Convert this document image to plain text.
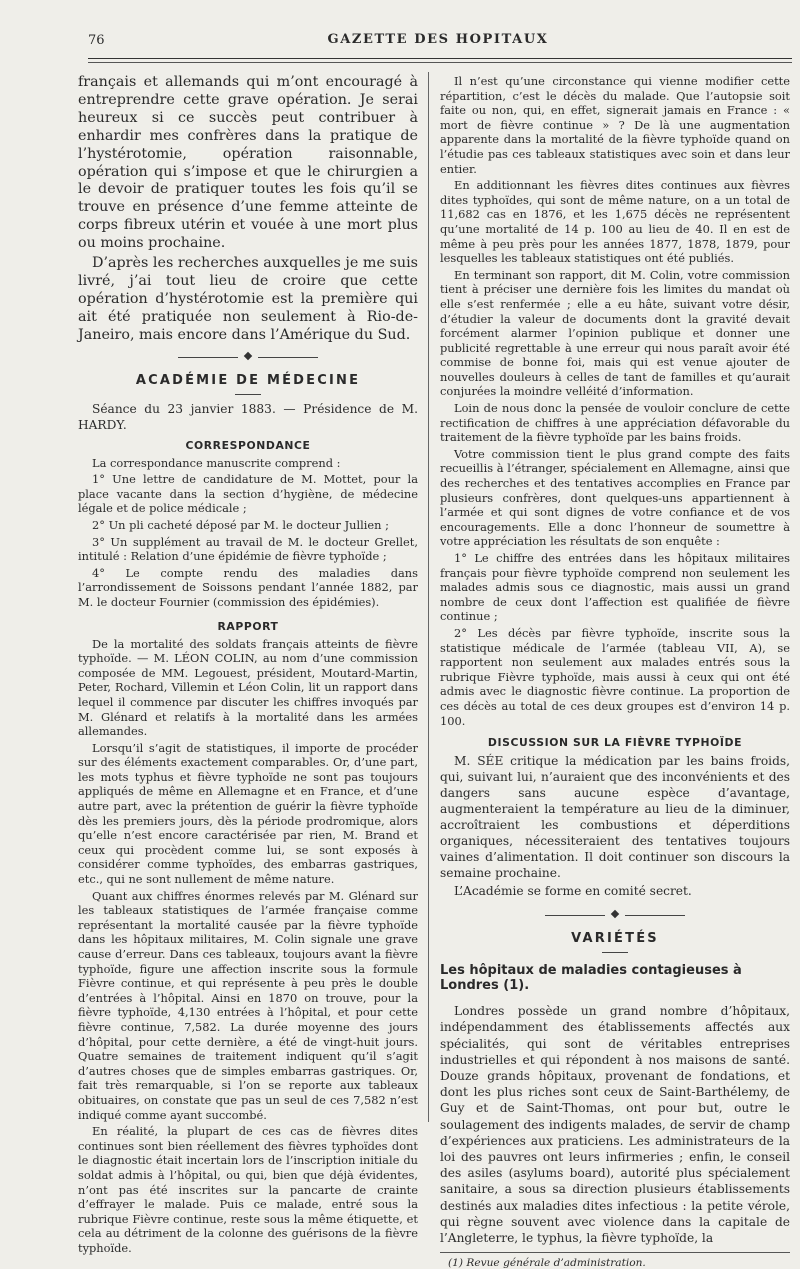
76	GAZETTE DES HOPITAUX

français et allemands qui m’ont encouragé à entreprendre cette grave opération. Je serai heureux si ce succès peut contribuer à enhardir mes confrères dans la pratique de l’hystérotomie, opération raisonnable, opération qui s’impose et que le chirurgien a le devoir de pratiquer toutes les fois qu’il se trouve en présence d’une femme atteinte de corps fibreux utérin et vouée à une mort plus ou moins prochaine.

D’après les recherches auxquelles je me suis livré, j’ai tout lieu de croire que cette opération d’hystérotomie est la première qui ait été pratiquée non seulement à Rio-de-Janeiro, mais encore dans l’Amérique du Sud.

ACADÉMIE DE MÉDECINE

Séance du 23 janvier 1883. — Présidence de M. HARDY.

CORRESPONDANCE

La correspondance manuscrite comprend :

1° Une lettre de candidature de M. Mottet, pour la place vacante dans la section d’hygiène, de médecine légale et de police médicale ;

2° Un pli cacheté déposé par M. le docteur Jullien ;

3° Un supplément au travail de M. le docteur Grellet, intitulé : Relation d’une épidémie de fièvre typhoïde ;

4° Le compte rendu des maladies dans l’arrondissement de Soissons pendant l’année 1882, par M. le docteur Fournier (commission des épidémies).

RAPPORT

De la mortalité des soldats français atteints de fièvre typhoïde. — M. LÉON COLIN, au nom d’une commission composée de MM. Legouest, président, Moutard-Martin, Peter, Rochard, Villemin et Léon Colin, lit un rapport dans lequel il commence par discuter les chiffres invoqués par M. Glénard et relatifs à la mortalité dans les armées allemandes.

Lorsqu’il s’agit de statistiques, il importe de procéder sur des éléments exactement comparables. Or, d’une part, les mots typhus et fièvre typhoïde ne sont pas toujours appliqués de même en Allemagne et en France, et d’une autre part, avec la prétention de guérir la fièvre typhoïde dès les premiers jours, dès la période prodromique, alors qu’elle n’est encore caractérisée par rien, M. Brand et ceux qui procèdent comme lui, se sont exposés à considérer comme typhoïdes, des embarras gastriques, etc., qui ne sont nullement de même nature.

Quant aux chiffres énormes relevés par M. Glénard sur les tableaux statistiques de l’armée française comme représentant la mortalité causée par la fièvre typhoïde dans les hôpitaux militaires, M. Colin signale une grave cause d’erreur. Dans ces tableaux, toujours avant la fièvre typhoïde, figure une affection inscrite sous la formule Fièvre continue, et qui représente à peu près le double d’entrées à l’hôpital. Ainsi en 1870 on trouve, pour la fièvre typhoïde, 4,130 entrées à l’hôpital, et pour cette fièvre continue, 7,582. La durée moyenne des jours d’hôpital, pour cette dernière, a été de vingt-huit jours. Quatre semaines de traitement indiquent qu’il s’agit d’autres choses que de simples embarras gastriques. Or, fait très remarquable, si l’on se reporte aux tableaux obituaires, on constate que pas un seul de ces 7,582 n’est indiqué comme ayant succombé.

En réalité, la plupart de ces cas de fièvres dites continues sont bien réellement des fièvres typhoïdes dont le diagnostic était incertain lors de l’inscription initiale du soldat admis à l’hôpital, ou qui, bien que déjà évidentes, n’ont pas été inscrites sur la pancarte de crainte d’effrayer le malade. Puis ce malade, entré sous la rubrique Fièvre continue, reste sous la même étiquette, et cela au détriment de la colonne des guérisons de la fièvre typhoïde.

Il n’est qu’une circonstance qui vienne modifier cette répartition, c’est le décès du malade. Que l’autopsie soit faite ou non, qui, en effet, signerait jamais en France : « mort de fièvre continue » ? De là une augmentation apparente dans la mortalité de la fièvre typhoïde quand on l’étudie pas ces tableaux statistiques avec soin et dans leur entier.

En additionnant les fièvres dites continues aux fièvres dites typhoïdes, qui sont de même nature, on a un total de 11,682 cas en 1876, et les 1,675 décès ne représentent qu’une mortalité de 14 p. 100 au lieu de 40. Il en est de même à peu près pour les années 1877, 1878, 1879, pour lesquelles les tableaux statistiques ont été publiés.

En terminant son rapport, dit M. Colin, votre commission tient à préciser une dernière fois les limites du mandat où elle s’est renfermée ; elle a eu hâte, suivant votre désir, d’étudier la valeur de documents dont la gravité devait forcément alarmer l’opinion publique et donner une publicité regrettable à une erreur qui nous paraît avoir été commise de bonne foi, mais qui est venue ajouter de nouvelles douleurs à celles de tant de familles et qu’aurait conjurées la moindre velléité d’information.

Loin de nous donc la pensée de vouloir conclure de cette rectification de chiffres à une appréciation défavorable du traitement de la fièvre typhoïde par les bains froids.

Votre commission tient le plus grand compte des faits recueillis à l’étranger, spécialement en Allemagne, ainsi que des recherches et des tentatives accomplies en France par plusieurs confrères, dont quelques-uns appartiennent à l’armée et qui sont dignes de votre confiance et de vos encouragements. Elle a donc l’honneur de soumettre à votre appréciation les résultats de son enquête :

1° Le chiffre des entrées dans les hôpitaux militaires français pour fièvre typhoïde comprend non seulement les malades admis sous ce diagnostic, mais aussi un grand nombre de ceux dont l’affection est qualifiée de fièvre continue ;

2° Les décès par fièvre typhoïde, inscrite sous la statistique médicale de l’armée (tableau VII, A), se rapportent non seulement aux malades entrés sous la rubrique Fièvre typhoïde, mais aussi à ceux qui ont été admis avec le diagnostic fièvre continue. La proportion de ces décès au total de ces deux groupes est d’environ 14 p. 100.

DISCUSSION SUR LA FIÈVRE TYPHOÏDE

M. SÉE critique la médication par les bains froids, qui, suivant lui, n’auraient que des inconvénients et des dangers sans aucune espèce d’avantage, augmenteraient la température au lieu de la diminuer, accroîtraient les combustions et déperditions organiques, nécessiteraient des tentatives toujours vaines d’alimentation. Il doit continuer son discours la semaine prochaine.

L’Académie se forme en comité secret.

VARIÉTÉS
Les hôpitaux de maladies contagieuses à Londres (1).

Londres possède un grand nombre d’hôpitaux, indépendamment des établissements affectés aux spécialités, qui sont de véritables entreprises industrielles et qui répondent à nos maisons de santé. Douze grands hôpitaux, provenant de fondations, et dont les plus riches sont ceux de Saint-Barthélemy, de Guy et de Saint-Thomas, ont pour but, outre le soulagement des indigents malades, de servir de champ d’expériences aux praticiens. Les administrateurs de la loi des pauvres ont leurs infirmeries ; enfin, le conseil des asiles (asylums board), autorité plus spécialement sanitaire, a sous sa direction plusieurs établissements destinés aux maladies dites infectious : la petite vérole, qui règne souvent avec violence dans la capitale de l’Angleterre, le typhus, la fièvre typhoïde, la

(1) Revue générale d’administration.
